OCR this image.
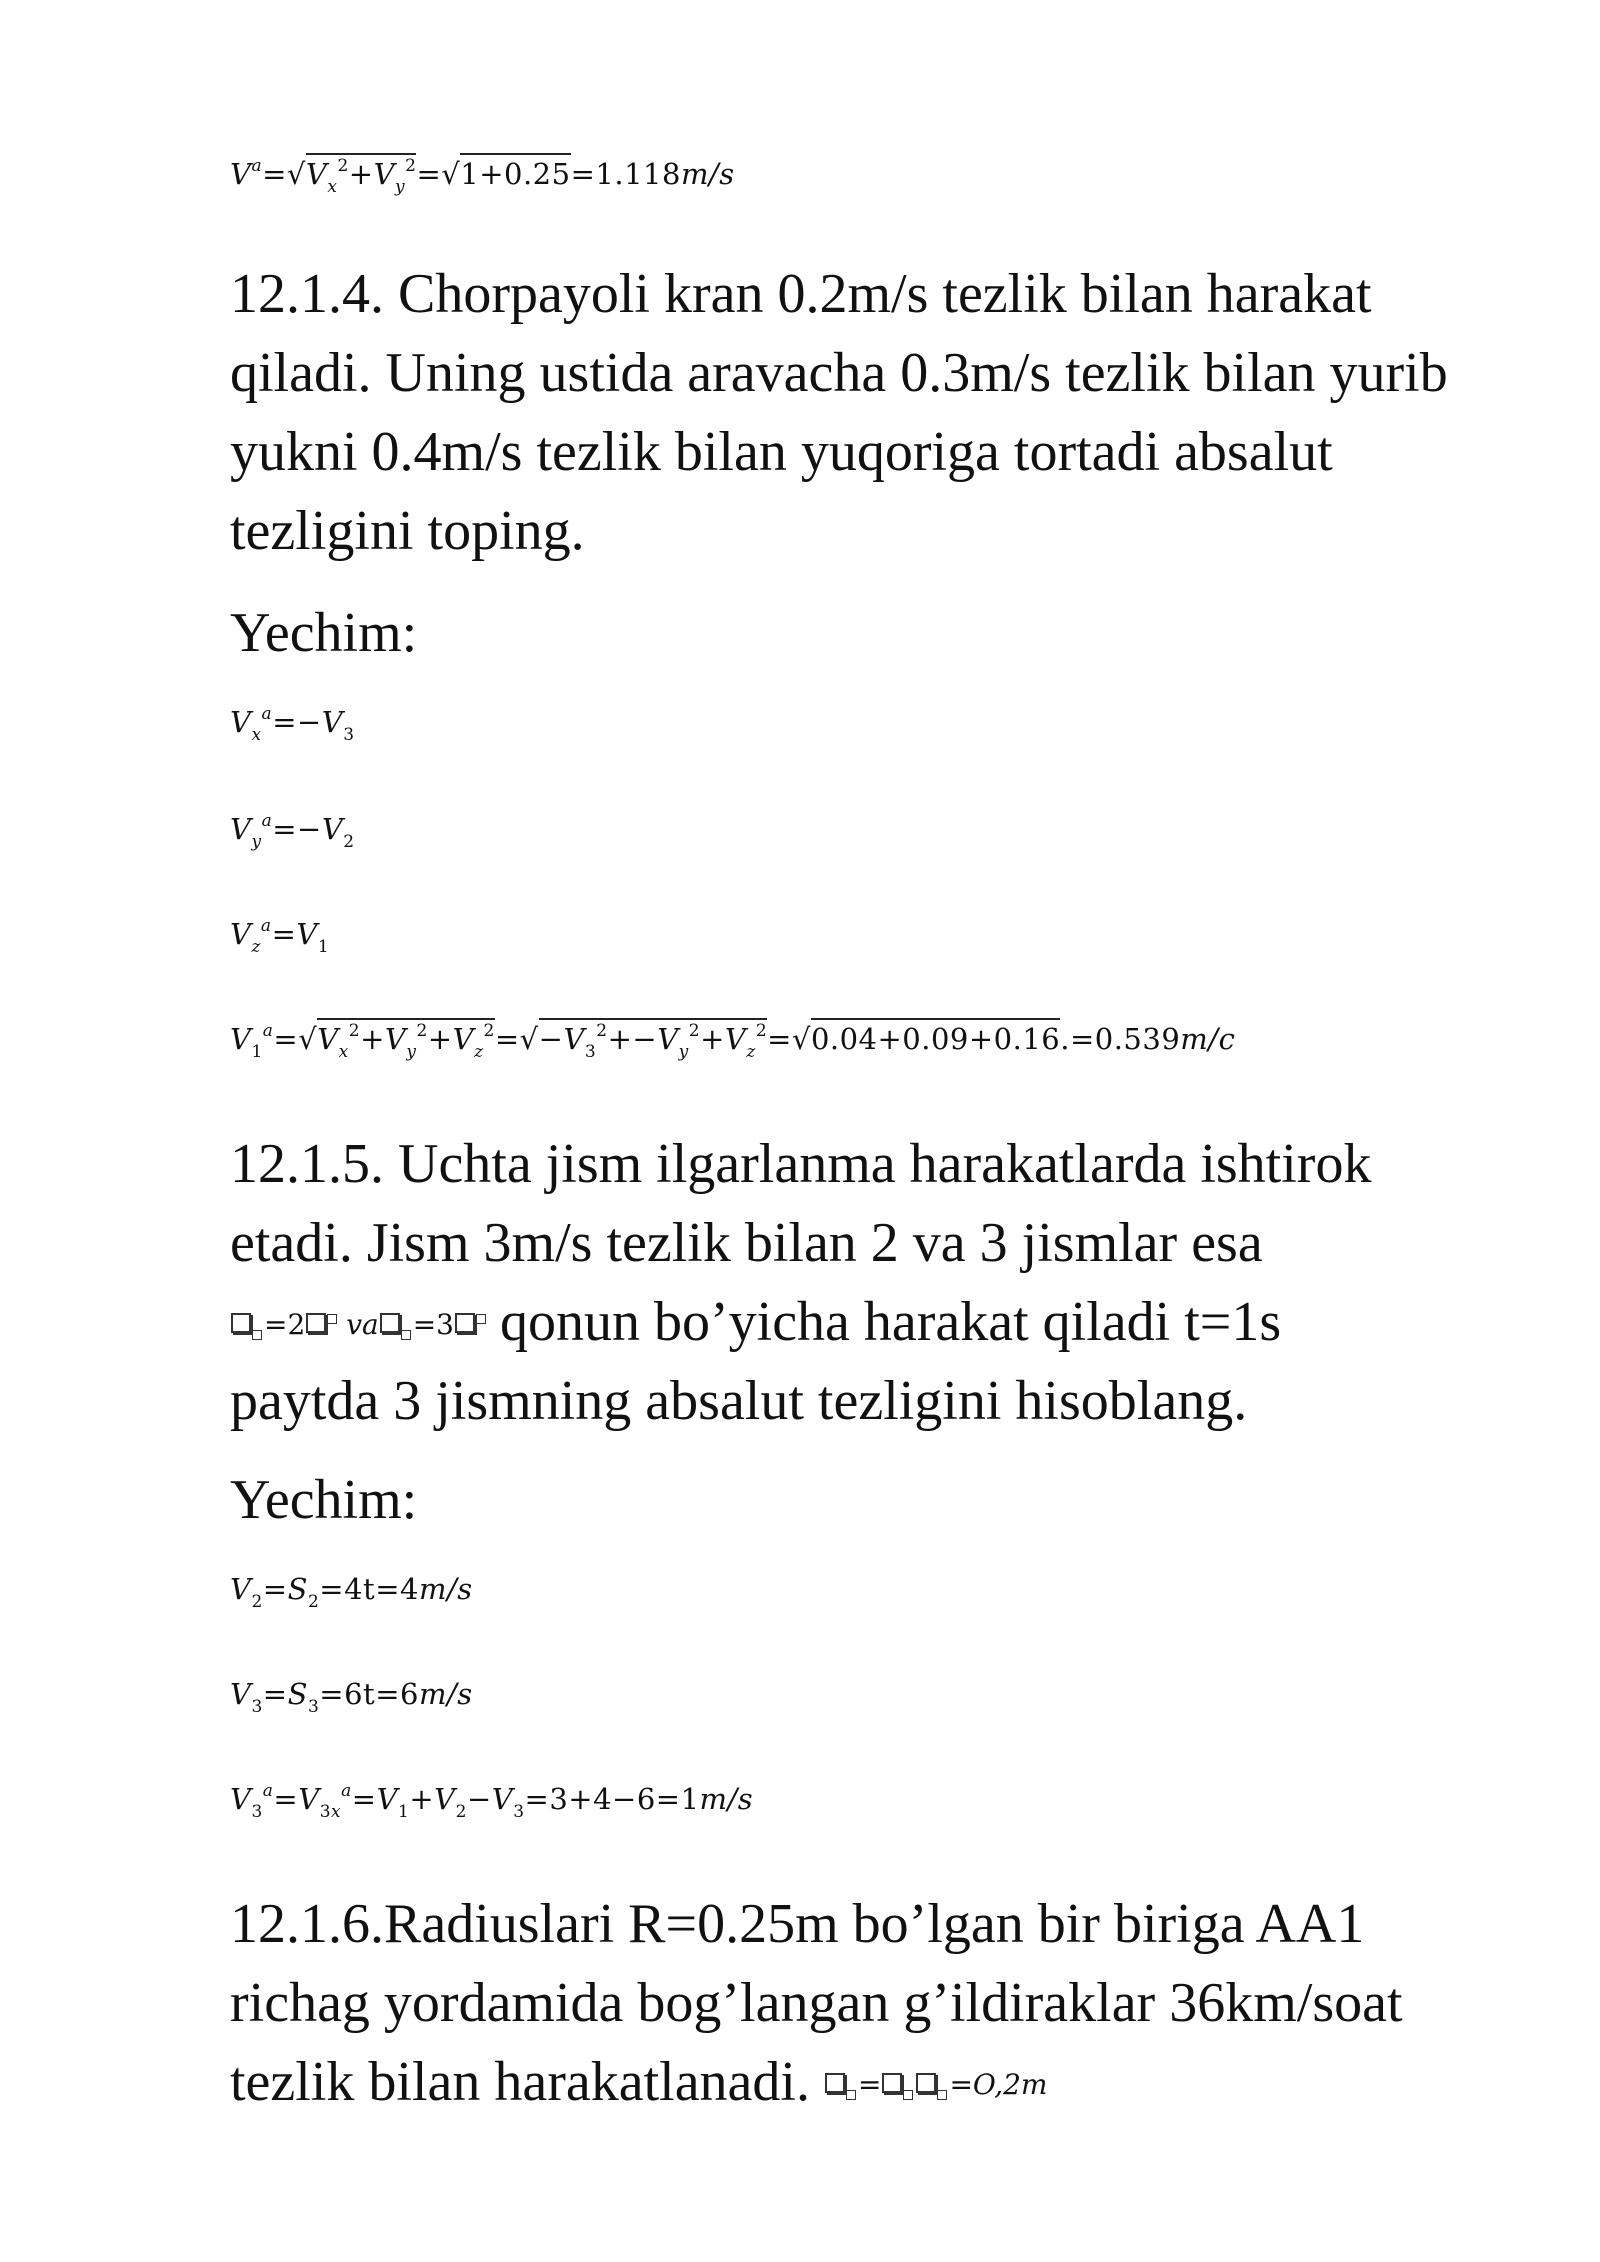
$V^a=√V_x^2+V_y^2=√1+0.25=1.118m/s$

12.1.4. Chorpayoli kran 0.2m/s tezlik bilan harakat qiladi. Uning ustida aravacha 0.3m/s tezlik bilan yurib yukni 0.4m/s tezlik bilan yuqoriga tortadi absalut tezligini toping.

Yechim:

$V_x^a=-V_3$
$V_y^a=-V_2$
$V_z^a=V_1$
$V_1^a=√V_x^2+V_y^2+V_z^2=√-V_3^2+-V_y^2+V_z^2=√0.04+0.09+0.16.=0.539m/c$

12.1.5. Uchta jism ilgarlanma harakatlarda ishtirok etadi. Jism 3m/s tezlik bilan 2 va 3 jismlar esa

=2 va =3 qonun bo’yicha harakat qiladi t=1s

paytda 3 jismning absalut tezligini hisoblang.

Yechim:

$V_2=S_2=4t=4m/s$
$V_3=S_3=6t=6m/s$
$V_3^a=V_{3x}^a=V_1+V_2-V_3=3+4-6=1m/s$
12.1.6.Radiuslari R=0.25m bo’lgan bir biriga AA1 richag yordamida bog’langan g’ildiraklar 36km/soat tezlik bilan harakatlanadi. = =O,2m
